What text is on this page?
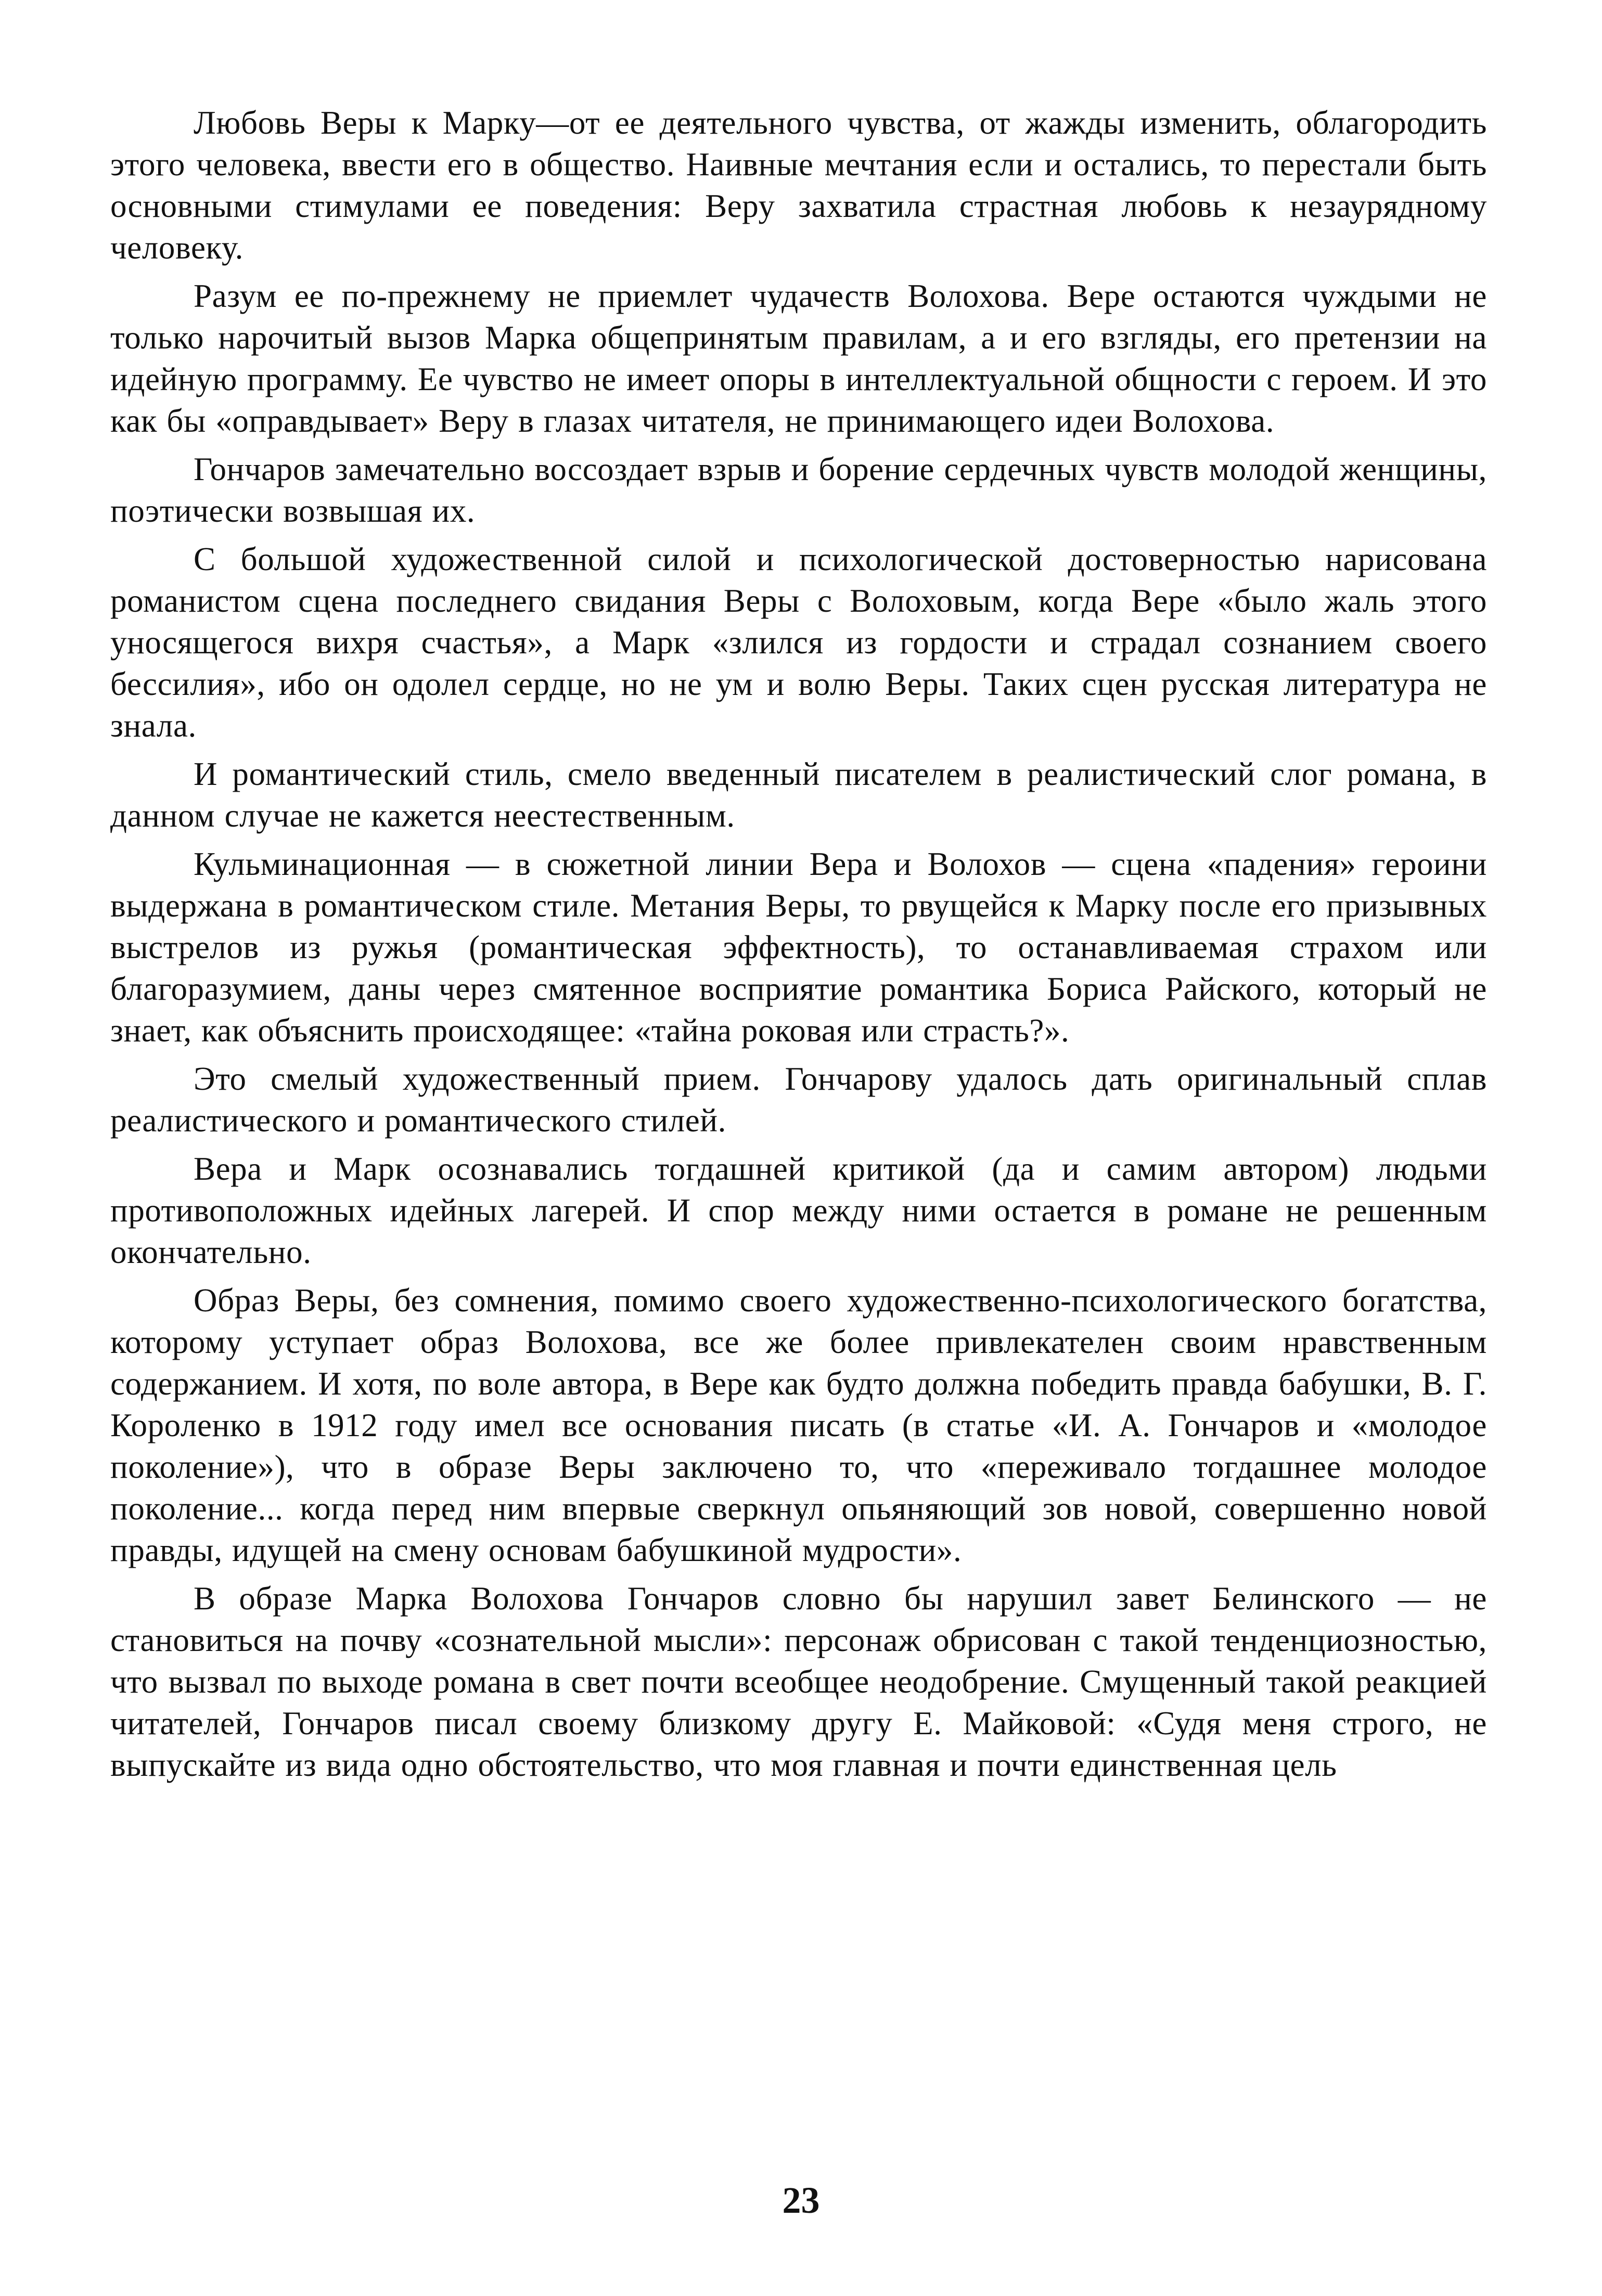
Любовь Веры к Марку—от ее деятельного чувства, от жажды изменить, облагородить этого человека, ввести его в общество. Наивные мечтания если и остались, то перестали быть основными стимулами ее поведения: Веру захватила страстная любовь к незаурядному человеку.

Разум ее по-прежнему не приемлет чудачеств Волохова. Вере остаются чуждыми не только нарочитый вызов Марка общепринятым правилам, а и его взгляды, его претензии на идейную программу. Ее чувство не имеет опоры в интеллектуальной общности с героем. И это как бы «оправдывает» Веру в глазах читателя, не принимающего идеи Волохова.

Гончаров замечательно воссоздает взрыв и борение сердечных чувств молодой женщины, поэтически возвышая их.

С большой художественной силой и психологической достоверностью нарисована романистом сцена последнего свидания Веры с Волоховым, когда Вере «было жаль этого уносящегося вихря счастья», а Марк «злился из гордости и страдал сознанием своего бессилия», ибо он одолел сердце, но не ум и волю Веры. Таких сцен русская литература не знала.

И романтический стиль, смело введенный писателем в реалистический слог романа, в данном случае не кажется неестественным.

Кульминационная — в сюжетной линии Вера и Волохов — сцена «падения» героини выдержана в романтическом стиле. Метания Веры, то рвущейся к Марку после его призывных выстрелов из ружья (романтическая эффектность), то останавливаемая страхом или благоразумием, даны через смятенное восприятие романтика Бориса Райского, который не знает, как объяснить происходящее: «тайна роковая или страсть?».

Это смелый художественный прием. Гончарову удалось дать оригинальный сплав реалистического и романтического стилей.

Вера и Марк осознавались тогдашней критикой (да и самим автором) людьми противоположных идейных лагерей. И спор между ними остается в романе не решенным окончательно.

Образ Веры, без сомнения, помимо своего художественно-психологического богатства, которому уступает образ Волохова, все же более привлекателен своим нравственным содержанием. И хотя, по воле автора, в Вере как будто должна победить правда бабушки, В. Г. Короленко в 1912 году имел все основания писать (в статье «И. А. Гончаров и «молодое поколение»), что в образе Веры заключено то, что «переживало тогдашнее молодое поколение... когда перед ним впервые сверкнул опьяняющий зов новой, совершенно новой правды, идущей на смену основам бабушкиной мудрости».

В образе Марка Волохова Гончаров словно бы нарушил завет Белинского — не становиться на почву «сознательной мысли»: персонаж обрисован с такой тенденциозностью, что вызвал по выходе романа в свет почти всеобщее неодобрение. Смущенный такой реакцией читателей, Гончаров писал своему близкому другу Е. Майковой: «Судя меня строго, не выпускайте из вида одно обстоятельство, что моя главная и почти единственная цель

23
